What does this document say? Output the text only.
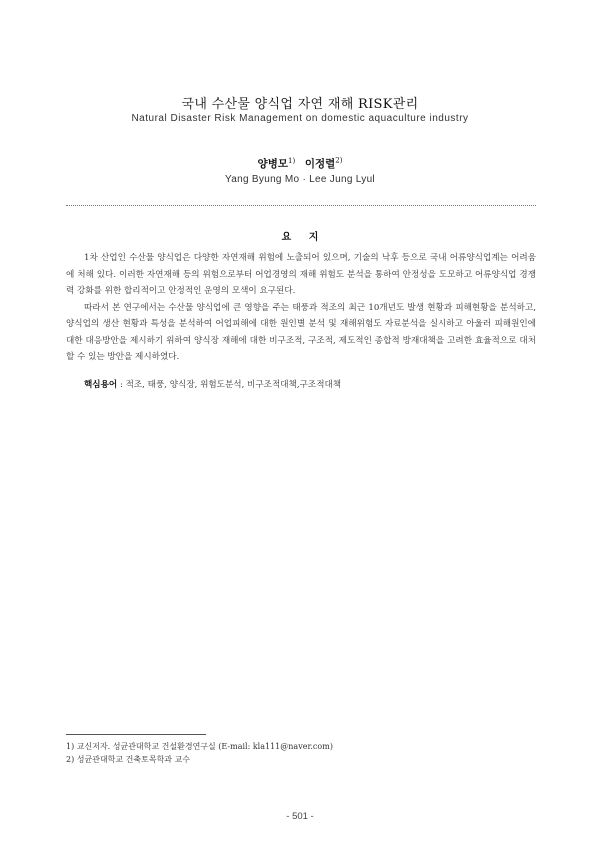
국내 수산물 양식업 자연 재해 RISK관리
Natural Disaster Risk Management on domestic aquaculture industry
양병모$^{1)}$ 이정렬$^{2)}$
Yang Byung Mo · Lee Jung Lyul
요 지

1차 산업인 수산물 양식업은 다양한 자연재해 위험에 노출되어 있으며, 기술의 낙후 등으로 국내 어류양식업계는 어려움에 처해 있다. 이러한 자연재해 등의 위험으로부터 어업경영의 재해 위험도 분석을 통하여 안정성을 도모하고 어류양식업 경쟁력 강화를 위한 합리적이고 안정적인 운영의 모색이 요구된다.

따라서 본 연구에서는 수산물 양식업에 큰 영향을 주는 태풍과 적조의 최근 10개년도 발생 현황과 피해현황을 분석하고, 양식업의 생산 현황과 특성을 분석하여 어업피해에 대한 원인별 분석 및 재해위험도 자료분석을 실시하고 아울러 피해원인에 대한 대응방안을 제시하기 위하여 양식장 재해에 대한 비구조적, 구조적, 제도적인 종합적 방재대책을 고려한 효율적으로 대처할 수 있는 방안을 제시하였다.

핵심용어 : 적조, 태풍, 양식장, 위험도분석, 비구조적대책,구조적대책
1) 교신저자. 성균관대학교 건설환경연구실 (E-mail: kla111@naver.com)
2) 성균관대학교 건축토목학과 교수
- 501 -
